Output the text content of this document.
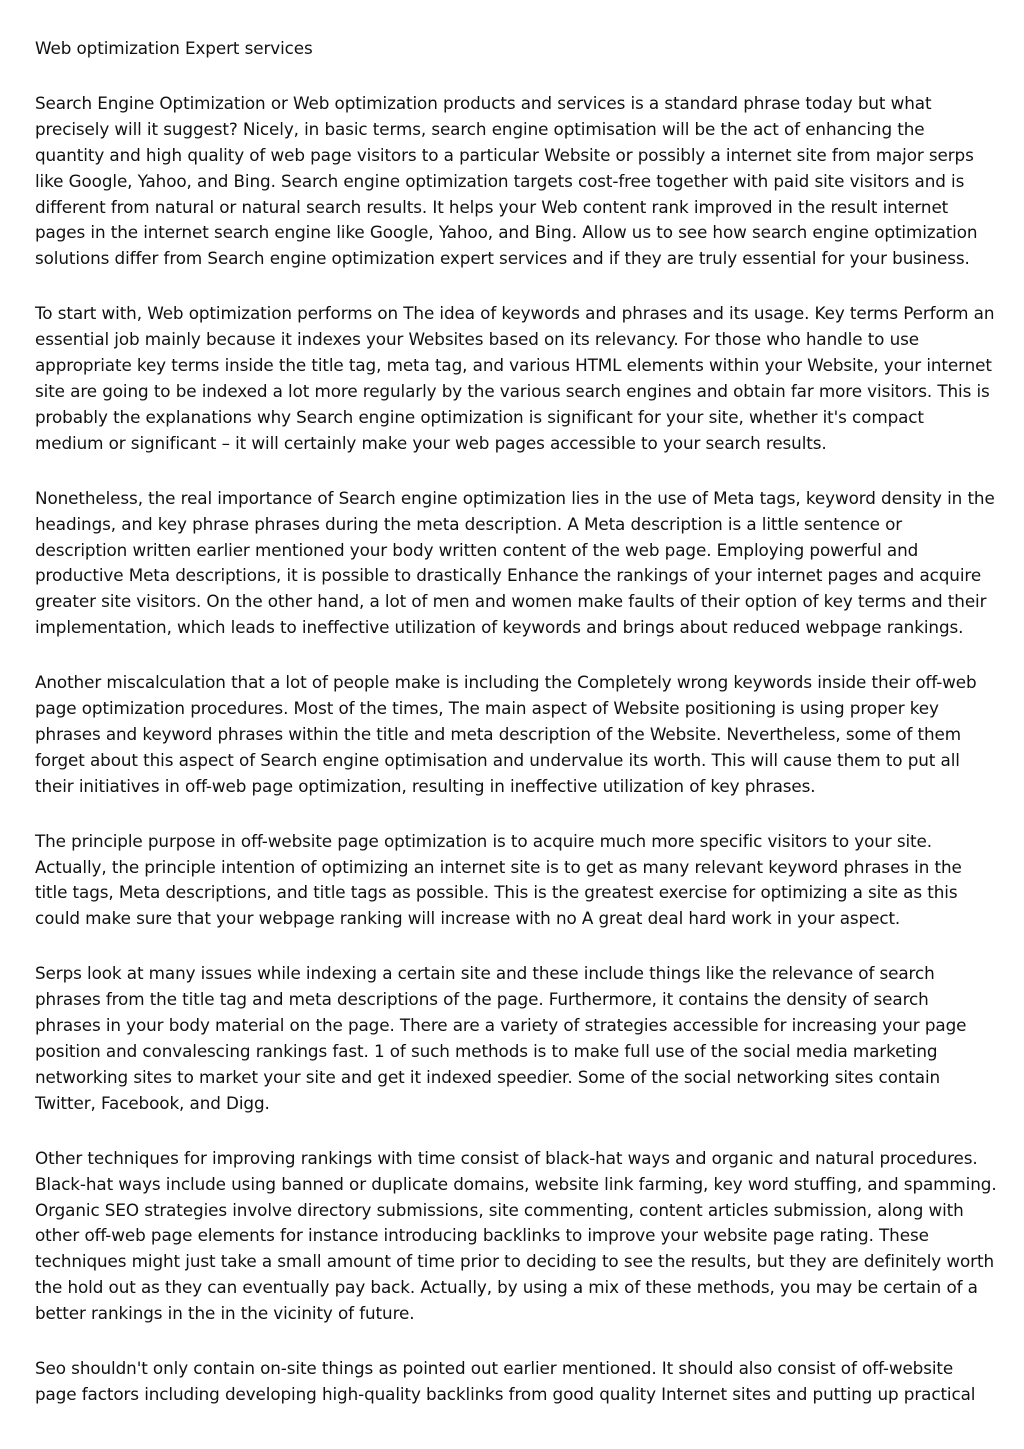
Web optimization Expert services

Search Engine Optimization or Web optimization products and services is a standard phrase today but what precisely will it suggest? Nicely, in basic terms, search engine optimisation will be the act of enhancing the quantity and high quality of web page visitors to a particular Website or possibly a internet site from major serps like Google, Yahoo, and Bing. Search engine optimization targets cost-free together with paid site visitors and is different from natural or natural search results. It helps your Web content rank improved in the result internet pages in the internet search engine like Google, Yahoo, and Bing. Allow us to see how search engine optimization solutions differ from Search engine optimization expert services and if they are truly essential for your business.

To start with, Web optimization performs on The idea of keywords and phrases and its usage. Key terms Perform an essential job mainly because it indexes your Websites based on its relevancy. For those who handle to use appropriate key terms inside the title tag, meta tag, and various HTML elements within your Website, your internet site are going to be indexed a lot more regularly by the various search engines and obtain far more visitors. This is probably the explanations why Search engine optimization is significant for your site, whether it's compact medium or significant – it will certainly make your web pages accessible to your search results.

Nonetheless, the real importance of Search engine optimization lies in the use of Meta tags, keyword density in the headings, and key phrase phrases during the meta description. A Meta description is a little sentence or description written earlier mentioned your body written content of the web page. Employing powerful and productive Meta descriptions, it is possible to drastically Enhance the rankings of your internet pages and acquire greater site visitors. On the other hand, a lot of men and women make faults of their option of key terms and their implementation, which leads to ineffective utilization of keywords and brings about reduced webpage rankings.

Another miscalculation that a lot of people make is including the Completely wrong keywords inside their off-web page optimization procedures. Most of the times, The main aspect of Website positioning is using proper key phrases and keyword phrases within the title and meta description of the Website. Nevertheless, some of them forget about this aspect of Search engine optimisation and undervalue its worth. This will cause them to put all their initiatives in off-web page optimization, resulting in ineffective utilization of key phrases.

The principle purpose in off-website page optimization is to acquire much more specific visitors to your site. Actually, the principle intention of optimizing an internet site is to get as many relevant keyword phrases in the title tags, Meta descriptions, and title tags as possible. This is the greatest exercise for optimizing a site as this could make sure that your webpage ranking will increase with no A great deal hard work in your aspect.

Serps look at many issues while indexing a certain site and these include things like the relevance of search phrases from the title tag and meta descriptions of the page. Furthermore, it contains the density of search phrases in your body material on the page. There are a variety of strategies accessible for increasing your page position and convalescing rankings fast. 1 of such methods is to make full use of the social media marketing networking sites to market your site and get it indexed speedier. Some of the social networking sites contain Twitter, Facebook, and Digg.

Other techniques for improving rankings with time consist of black-hat ways and organic and natural procedures. Black-hat ways include using banned or duplicate domains, website link farming, key word stuffing, and spamming. Organic SEO strategies involve directory submissions, site commenting, content articles submission, along with other off-web page elements for instance introducing backlinks to improve your website page rating. These techniques might just take a small amount of time prior to deciding to see the results, but they are definitely worth the hold out as they can eventually pay back. Actually, by using a mix of these methods, you may be certain of a better rankings in the in the vicinity of future.

Seo shouldn't only contain on-site things as pointed out earlier mentioned. It should also consist of off-website page factors including developing high-quality backlinks from good quality Internet sites and putting up practical
